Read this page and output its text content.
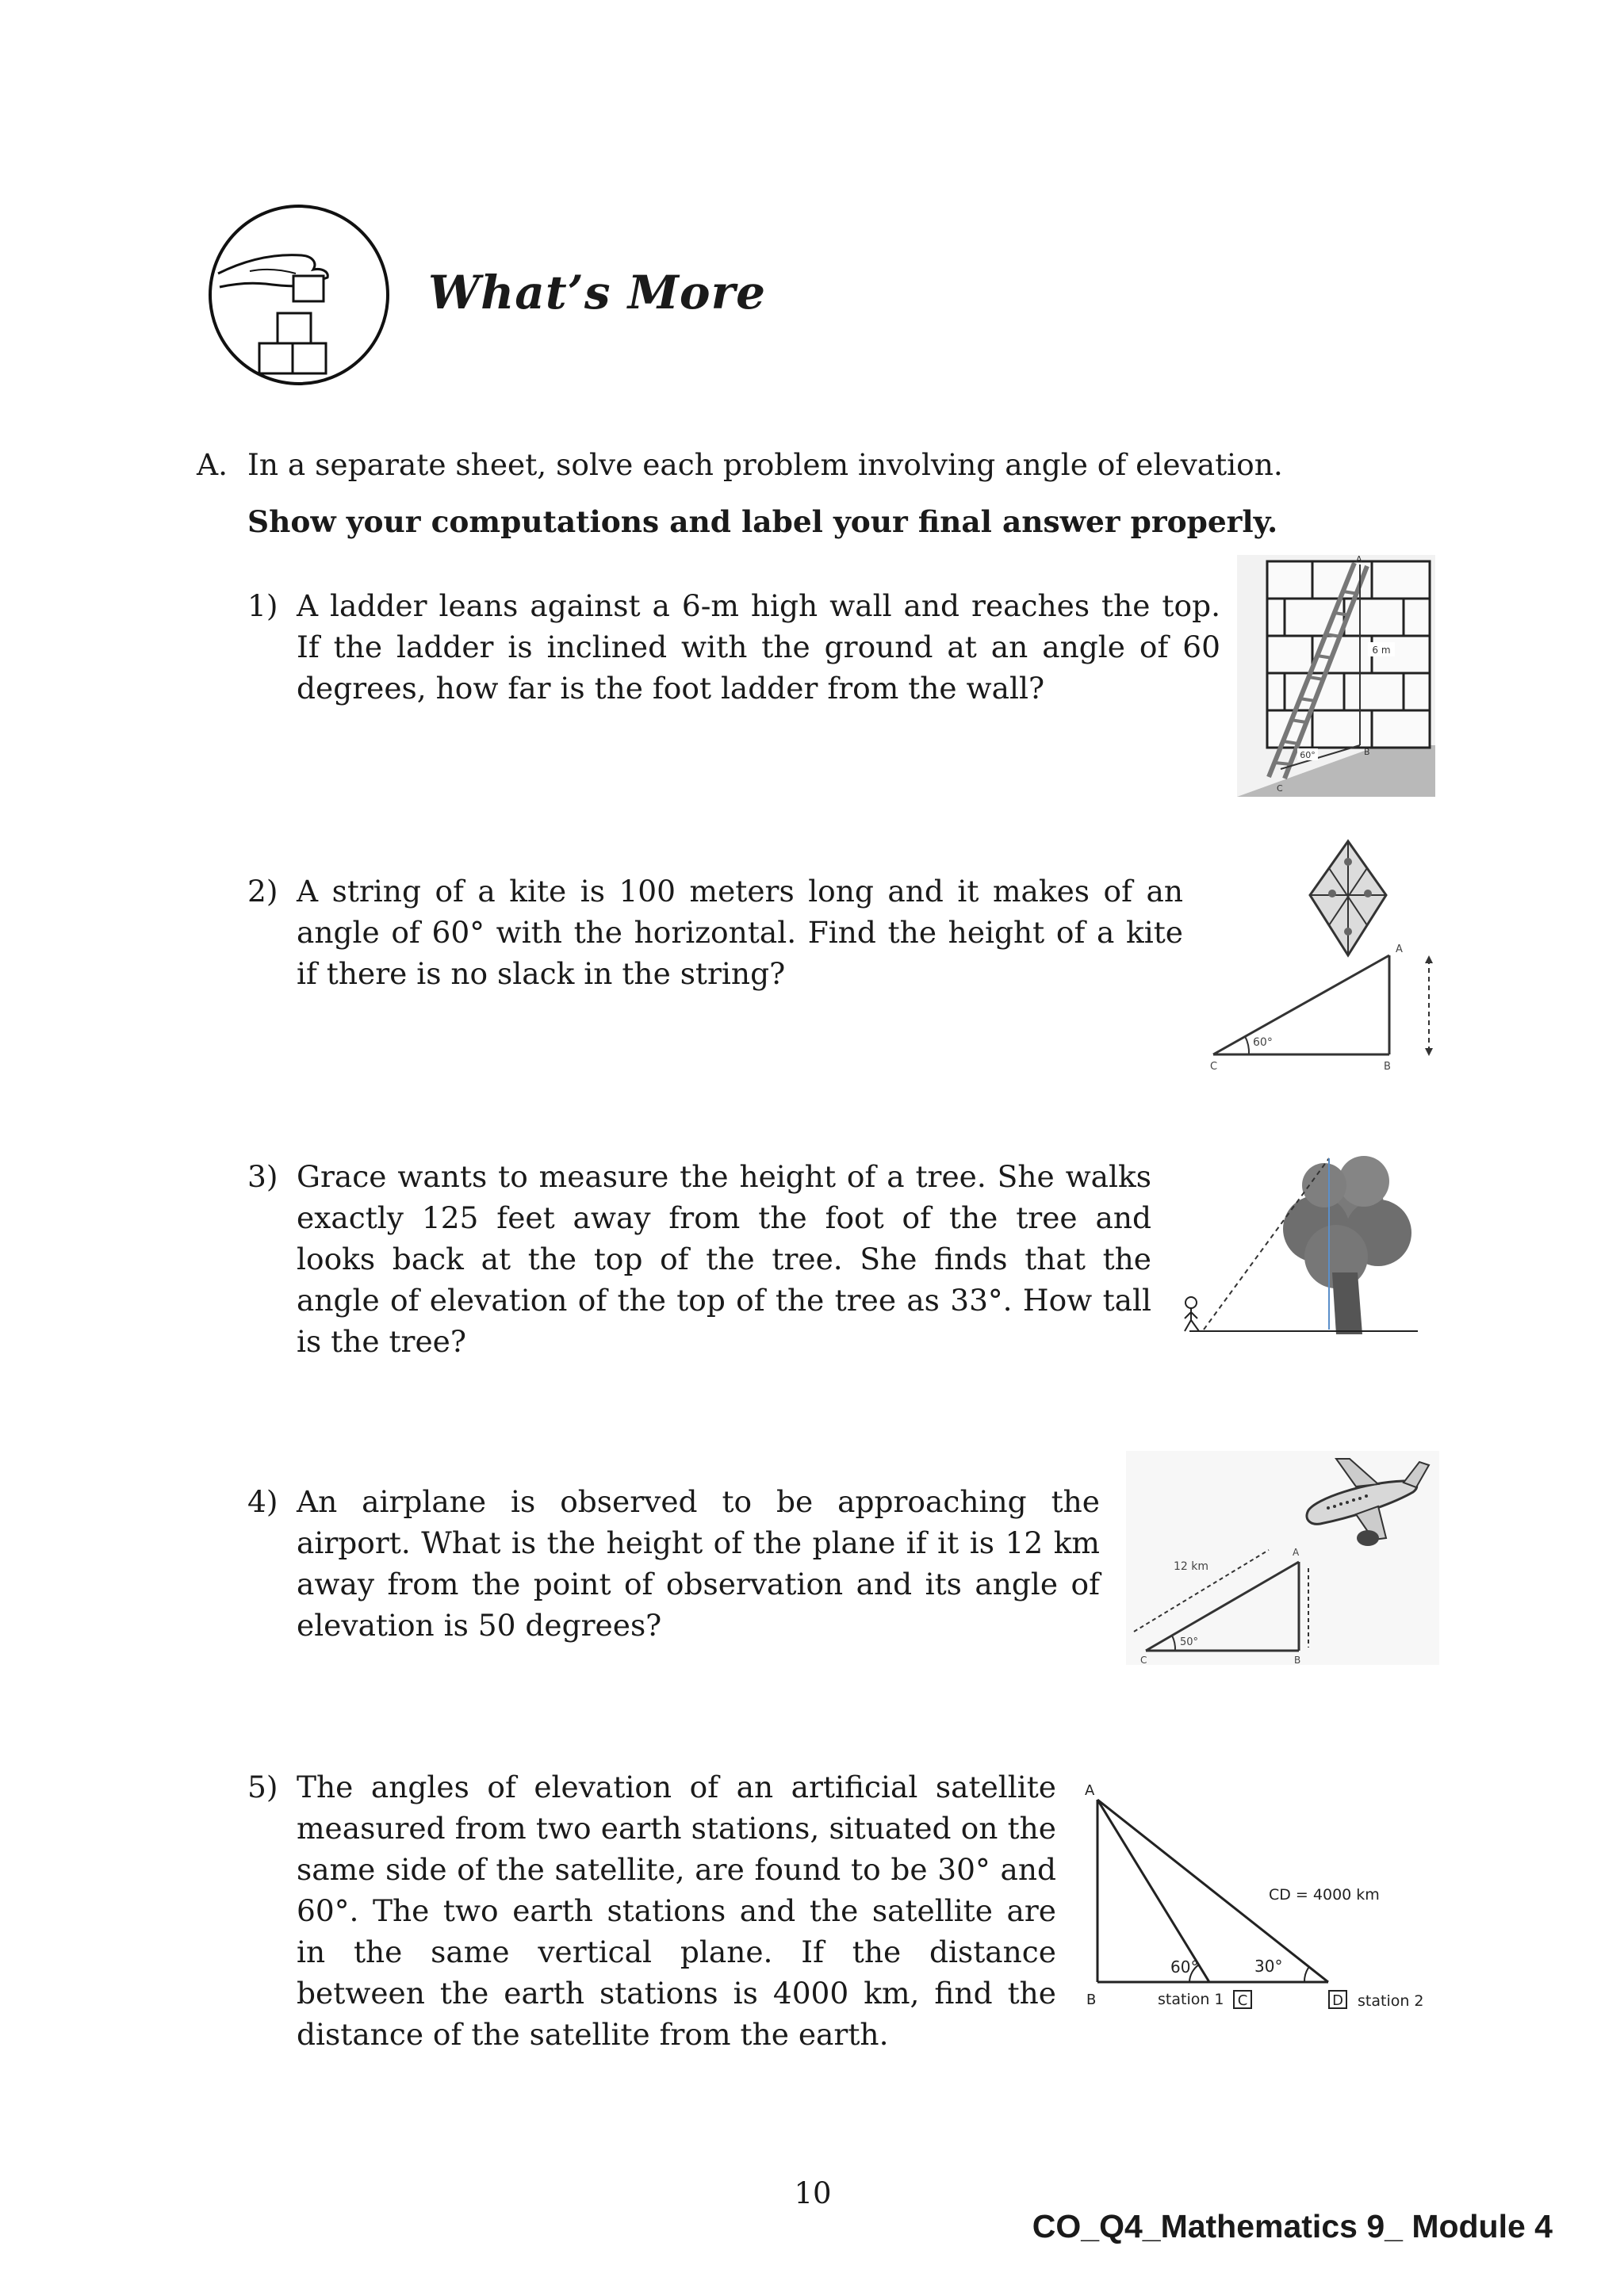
What’s More
A. In a separate sheet, solve each problem involving angle of elevation.
Show your computations and label your final answer properly.
1) A ladder leans against a 6-m high wall and reaches the top. If the ladder is inclined with the ground at an angle of 60 degrees, how far is the foot ladder from the wall?
6 m
A
B
C
60°
2) A string of a kite is 100 meters long and it makes of an angle of 60° with the horizontal. Find the height of a kite if there is no slack in the string?
60°
A
B
C
3) Grace wants to measure the height of a tree. She walks exactly 125 feet away from the foot of the tree and looks back at the top of the tree. She finds that the angle of elevation of the top of the tree as 33°. How tall is the tree?
4) An airplane is observed to be approaching the airport. What is the height of the plane if it is 12 km away from the point of observation and its angle of elevation is 50 degrees?	50°
12 km
A
B
C
5) The angles of elevation of an artificial satellite measured from two earth stations, situated on the same side of the satellite, are found to be 30° and 60°. The two earth stations and the satellite are in the same vertical plane. If the distance between the earth stations is 4000 km, find the distance of the satellite from the earth.
A
B
60°	30°
CD = 4000 km
station 1 C	D station 2
10
CO_Q4_Mathematics 9_ Module 4
